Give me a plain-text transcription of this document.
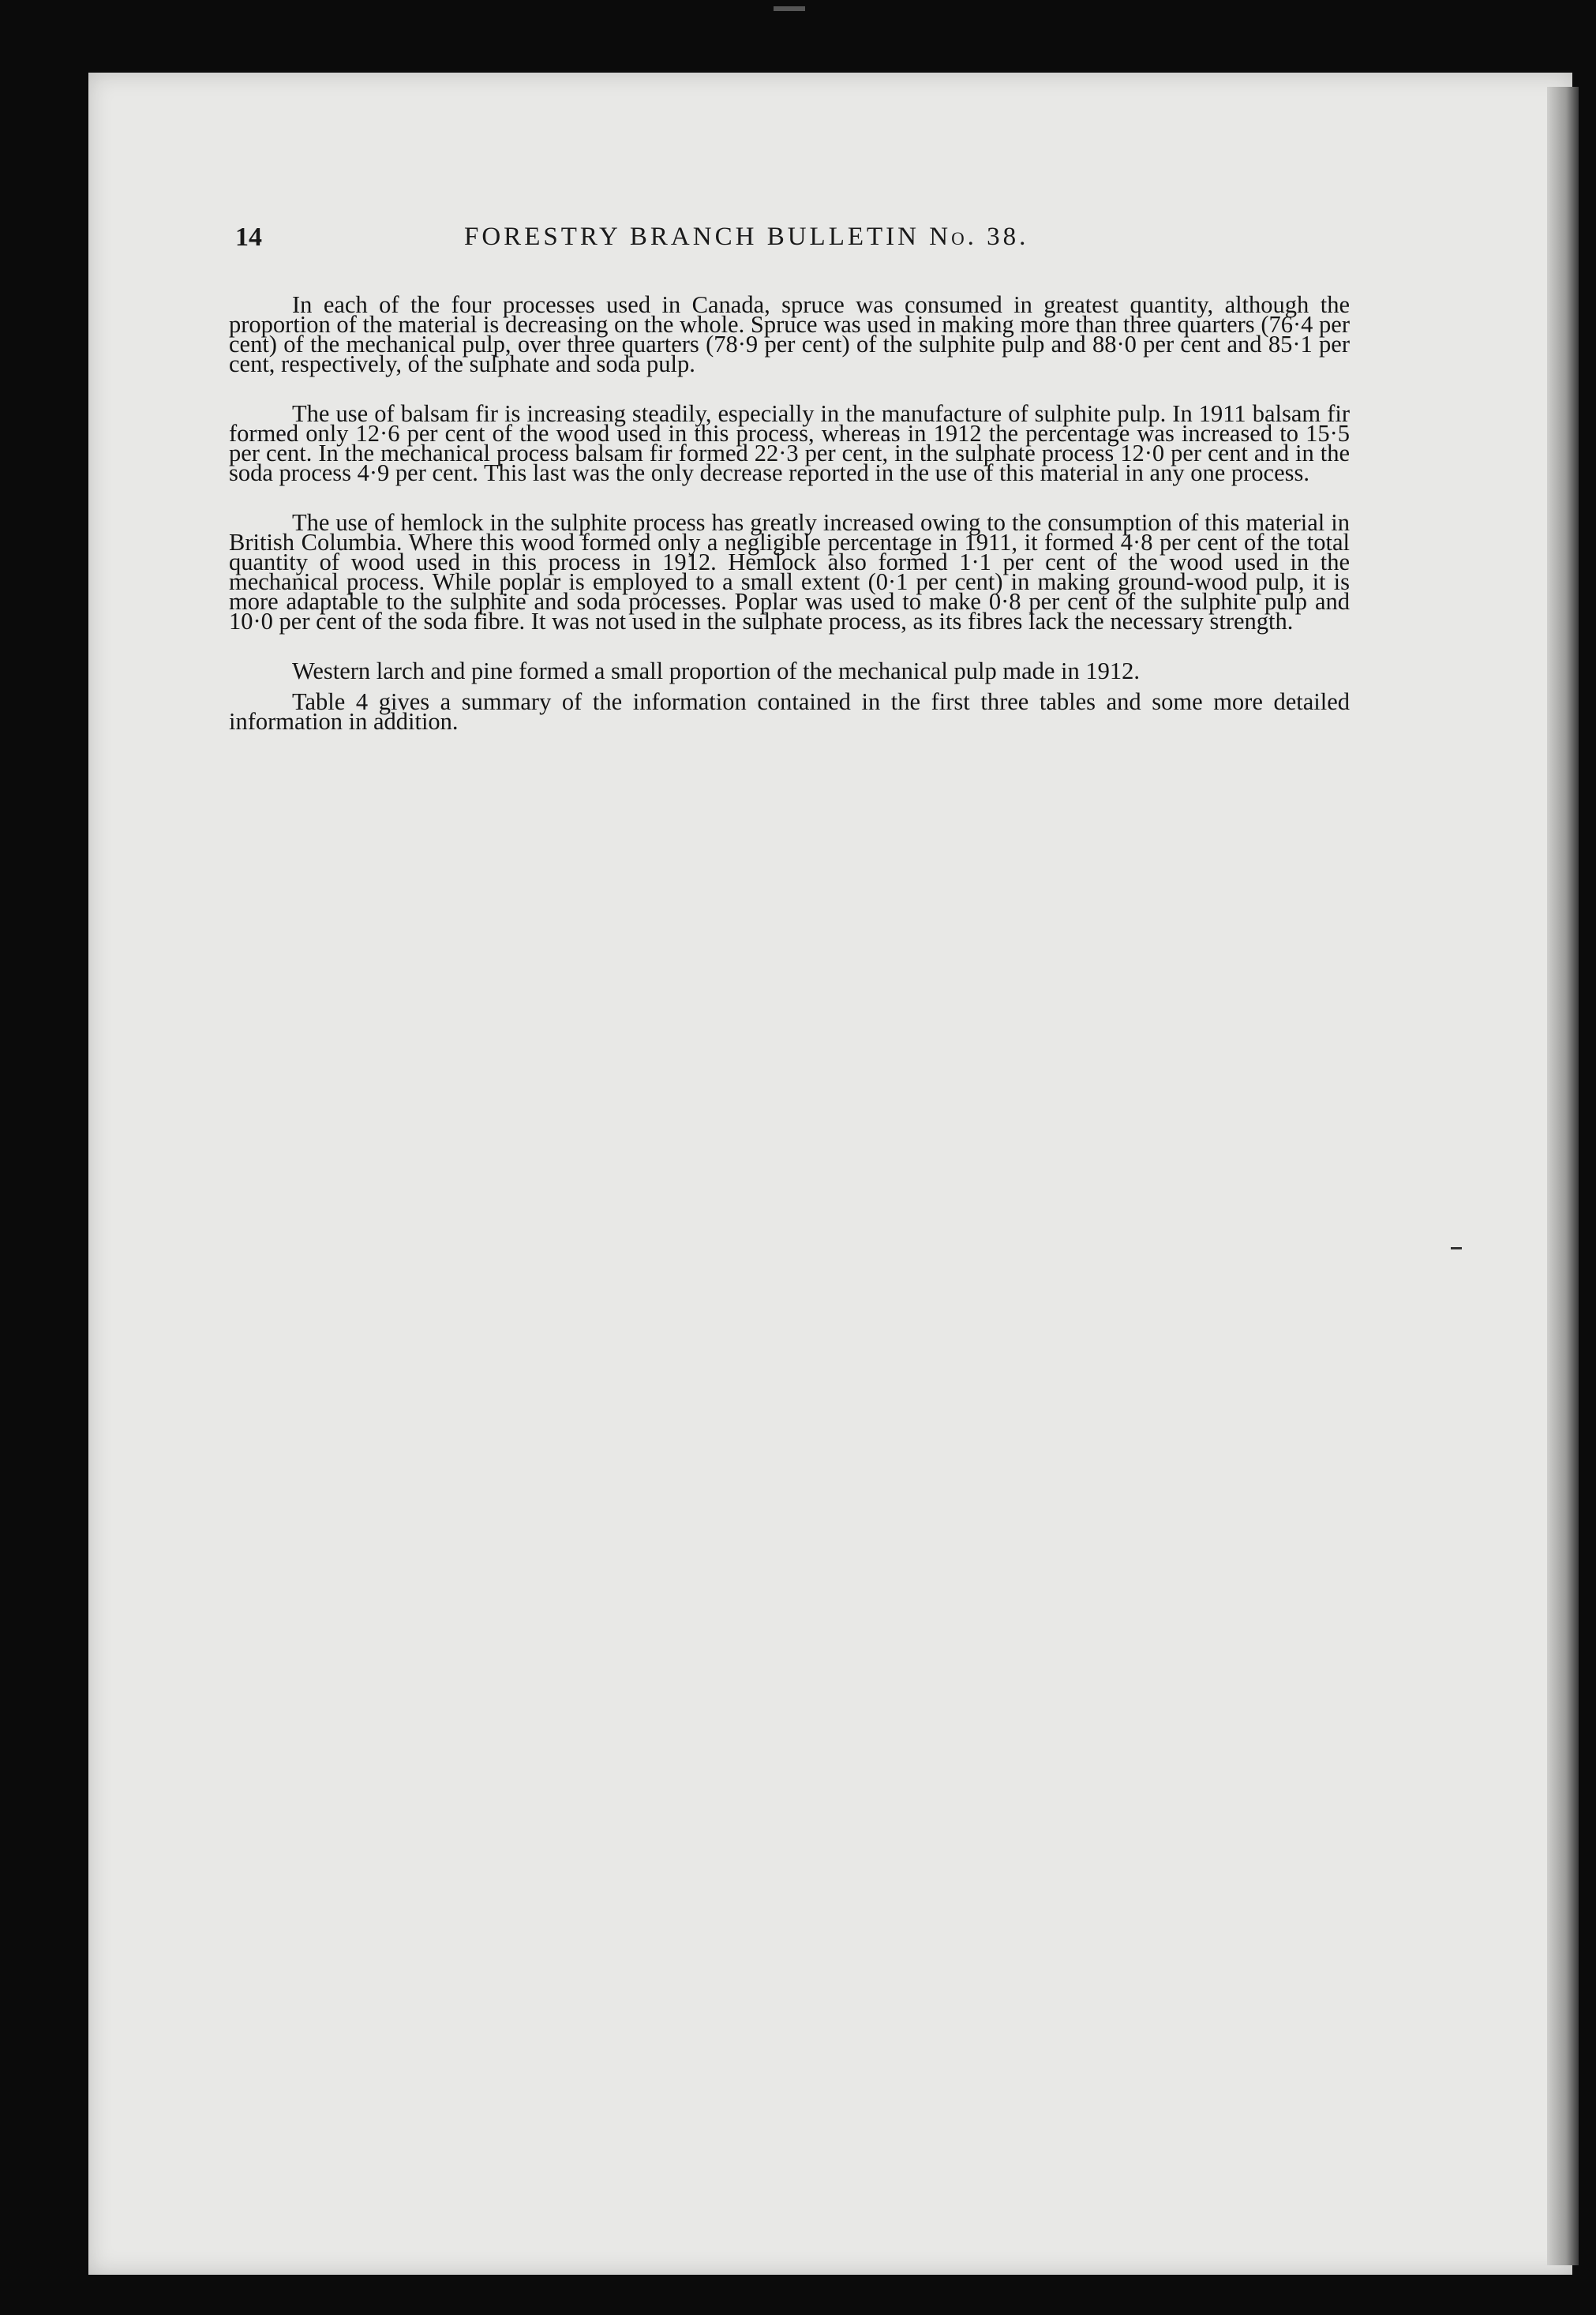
14	FORESTRY BRANCH BULLETIN No. 38.

In each of the four processes used in Canada, spruce was consumed in greatest quantity, although the proportion of the material is decreasing on the whole. Spruce was used in making more than three quarters (76·4 per cent) of the mechanical pulp, over three quarters (78·9 per cent) of the sulphite pulp and 88·0 per cent and 85·1 per cent, respectively, of the sulphate and soda pulp.

The use of balsam fir is increasing steadily, especially in the manufacture of sulphite pulp. In 1911 balsam fir formed only 12·6 per cent of the wood used in this process, whereas in 1912 the percentage was increased to 15·5 per cent. In the mechanical process balsam fir formed 22·3 per cent, in the sulphate process 12·0 per cent and in the soda process 4·9 per cent. This last was the only decrease reported in the use of this material in any one process.

The use of hemlock in the sulphite process has greatly increased owing to the consumption of this material in British Columbia. Where this wood formed only a negligible percentage in 1911, it formed 4·8 per cent of the total quantity of wood used in this process in 1912. Hemlock also formed 1·1 per cent of the wood used in the mechanical process. While poplar is employed to a small extent (0·1 per cent) in making ground-wood pulp, it is more adaptable to the sulphite and soda processes. Poplar was used to make 0·8 per cent of the sulphite pulp and 10·0 per cent of the soda fibre. It was not used in the sulphate process, as its fibres lack the necessary strength.

Western larch and pine formed a small proportion of the mechanical pulp made in 1912.

Table 4 gives a summary of the information contained in the first three tables and some more detailed information in addition.
